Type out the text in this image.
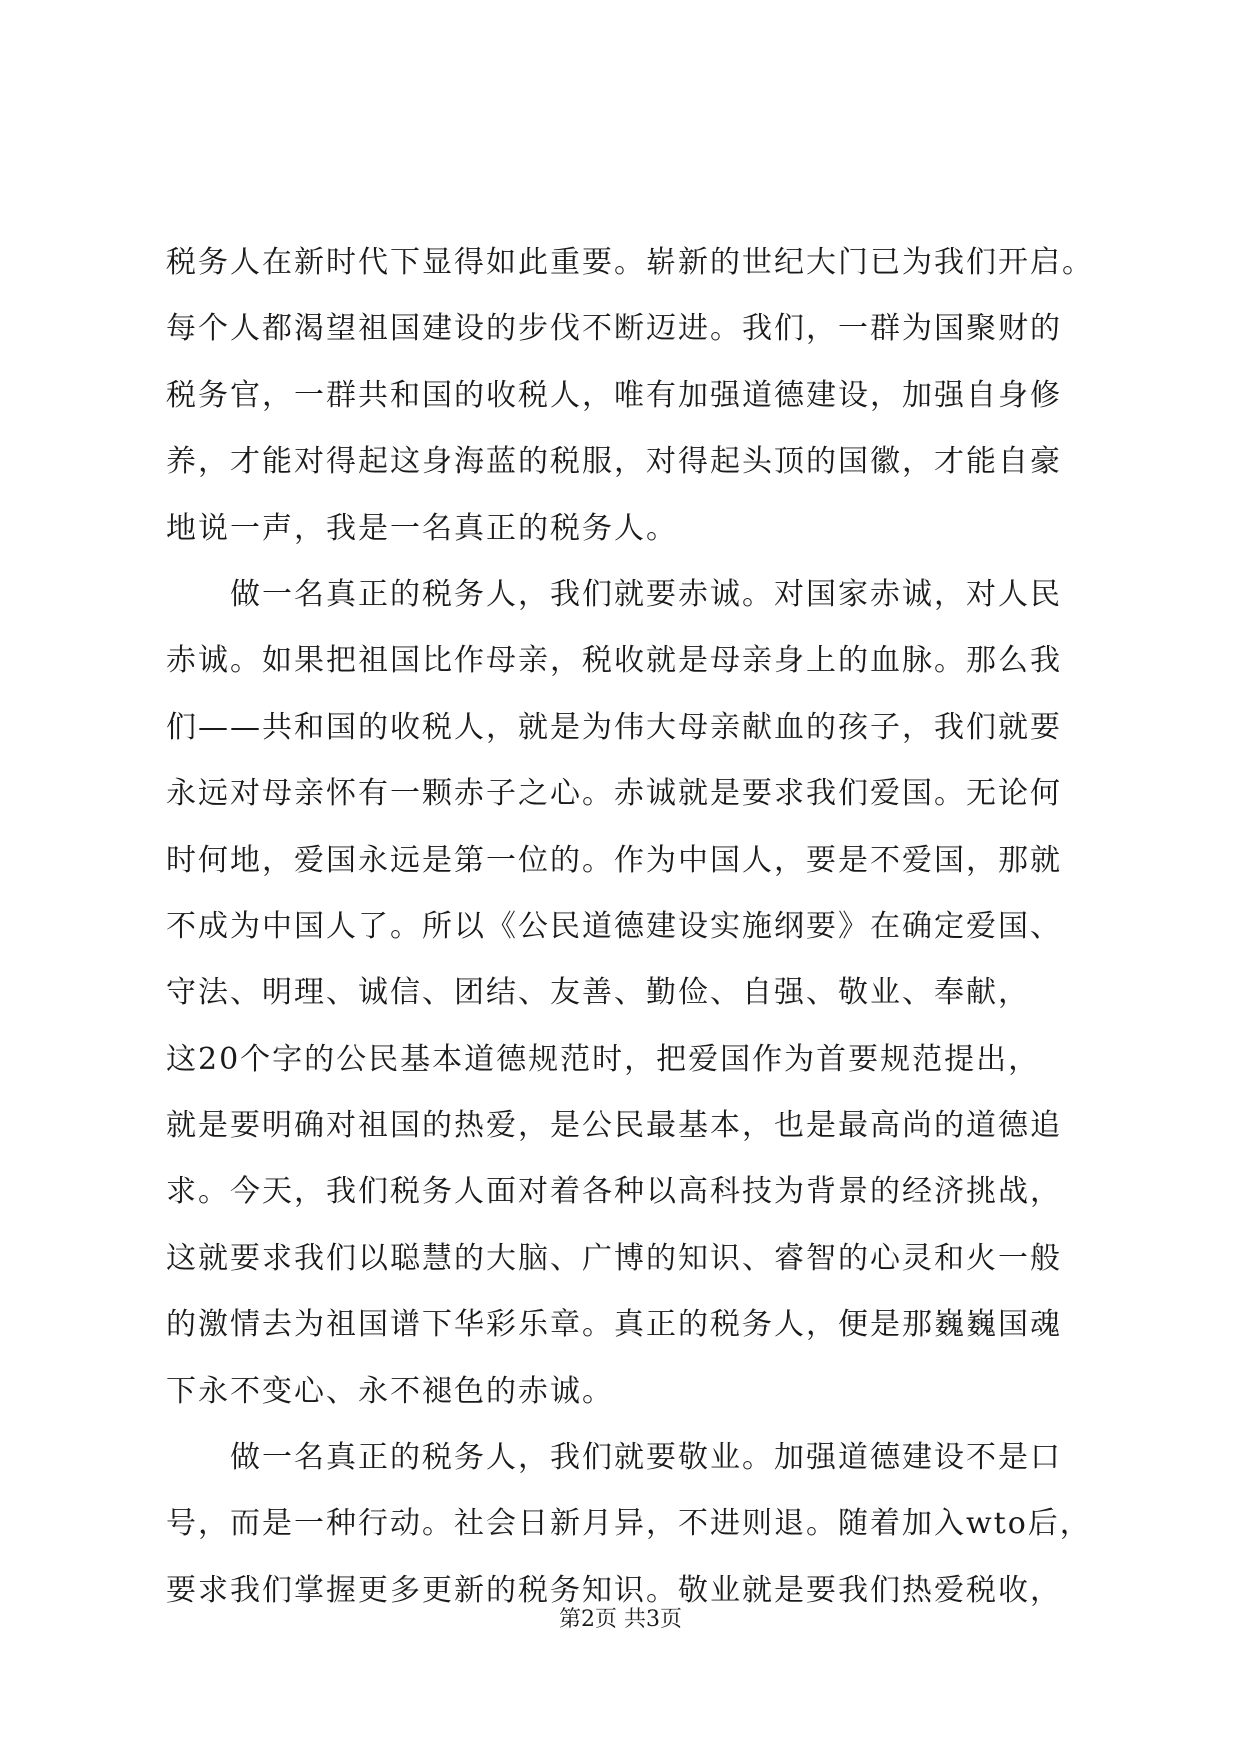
税务人在新时代下显得如此重要。崭新的世纪大门已为我们开启。
每个人都渴望祖国建设的步伐不断迈进。我们，一群为国聚财的
税务官，一群共和国的收税人，唯有加强道德建设，加强自身修
养，才能对得起这身海蓝的税服，对得起头顶的国徽，才能自豪
地说一声，我是一名真正的税务人。
做一名真正的税务人，我们就要赤诚。对国家赤诚，对人民
赤诚。如果把祖国比作母亲，税收就是母亲身上的血脉。那么我
们——共和国的收税人，就是为伟大母亲献血的孩子，我们就要
永远对母亲怀有一颗赤子之心。赤诚就是要求我们爱国。无论何
时何地，爱国永远是第一位的。作为中国人，要是不爱国，那就
不成为中国人了。所以《公民道德建设实施纲要》在确定爱国、
守法、明理、诚信、团结、友善、勤俭、自强、敬业、奉献，
这20个字的公民基本道德规范时，把爱国作为首要规范提出，
就是要明确对祖国的热爱，是公民最基本，也是最高尚的道德追
求。今天，我们税务人面对着各种以高科技为背景的经济挑战，
这就要求我们以聪慧的大脑、广博的知识、睿智的心灵和火一般
的激情去为祖国谱下华彩乐章。真正的税务人，便是那巍巍国魂
下永不变心、永不褪色的赤诚。
做一名真正的税务人，我们就要敬业。加强道德建设不是口
号，而是一种行动。社会日新月异，不进则退。随着加入wto后，
要求我们掌握更多更新的税务知识。敬业就是要我们热爱税收，
第2页 共3页
